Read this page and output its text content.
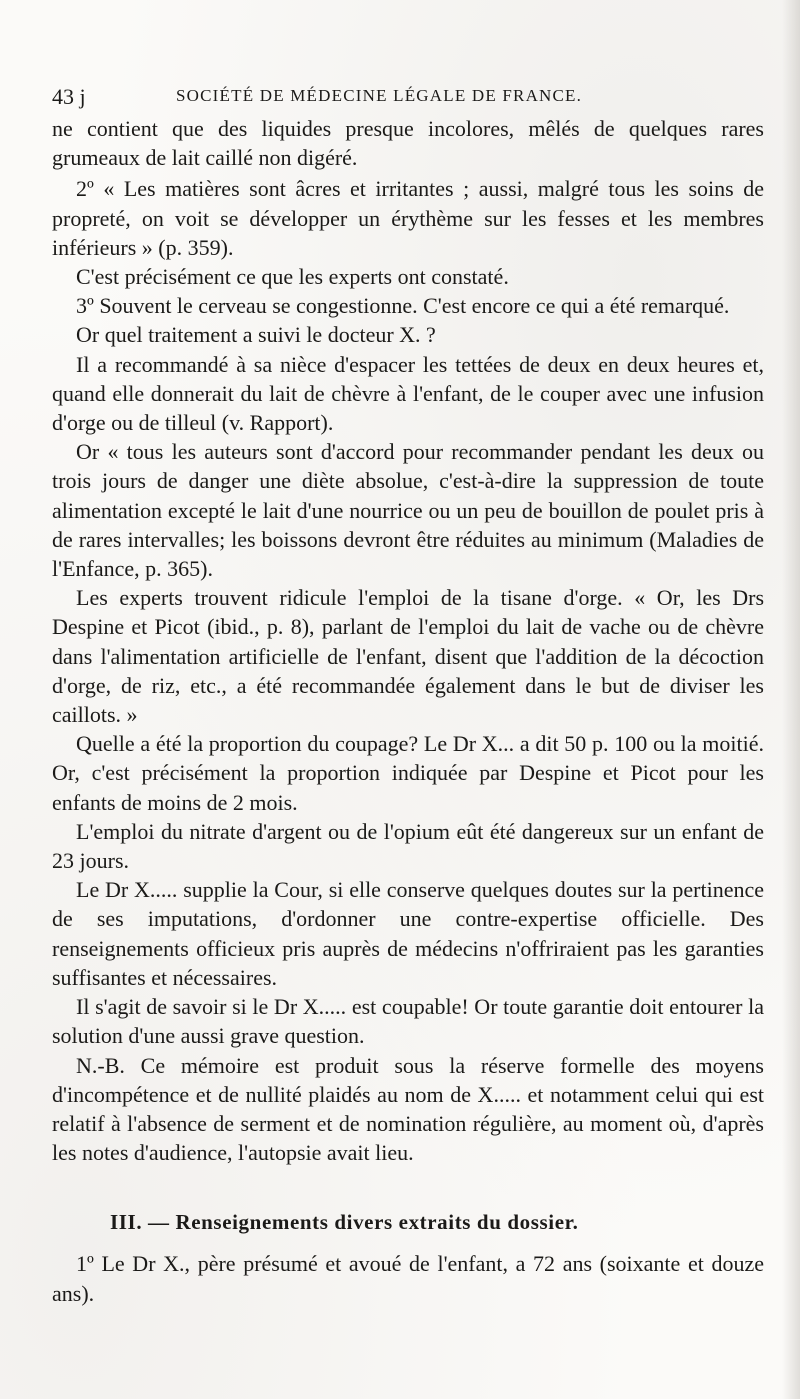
43 j	SOCIÉTÉ DE MÉDECINE LÉGALE DE FRANCE.

ne contient que des liquides presque incolores, mêlés de quelques rares grumeaux de lait caillé non digéré.

2º « Les matières sont âcres et irritantes ; aussi, malgré tous les soins de propreté, on voit se développer un érythème sur les fesses et les membres inférieurs » (p. 359).

C'est précisément ce que les experts ont constaté.

3º Souvent le cerveau se congestionne. C'est encore ce qui a été remarqué.

Or quel traitement a suivi le docteur X. ?

Il a recommandé à sa nièce d'espacer les tettées de deux en deux heures et, quand elle donnerait du lait de chèvre à l'enfant, de le couper avec une infusion d'orge ou de tilleul (v. Rapport).

Or « tous les auteurs sont d'accord pour recommander pendant les deux ou trois jours de danger une diète absolue, c'est-à-dire la suppression de toute alimentation excepté le lait d'une nourrice ou un peu de bouillon de poulet pris à de rares intervalles; les boissons devront être réduites au minimum (Maladies de l'Enfance, p. 365).

Les experts trouvent ridicule l'emploi de la tisane d'orge. « Or, les Drs Despine et Picot (ibid., p. 8), parlant de l'emploi du lait de vache ou de chèvre dans l'alimentation artificielle de l'enfant, disent que l'addition de la décoction d'orge, de riz, etc., a été recommandée également dans le but de diviser les caillots. »

Quelle a été la proportion du coupage? Le Dr X... a dit 50 p. 100 ou la moitié. Or, c'est précisément la proportion indiquée par Despine et Picot pour les enfants de moins de 2 mois.

L'emploi du nitrate d'argent ou de l'opium eût été dangereux sur un enfant de 23 jours.

Le Dr X..... supplie la Cour, si elle conserve quelques doutes sur la pertinence de ses imputations, d'ordonner une contre-expertise officielle. Des renseignements officieux pris auprès de médecins n'offriraient pas les garanties suffisantes et nécessaires.

Il s'agit de savoir si le Dr X..... est coupable! Or toute garantie doit entourer la solution d'une aussi grave question.

N.-B. Ce mémoire est produit sous la réserve formelle des moyens d'incompétence et de nullité plaidés au nom de X..... et notamment celui qui est relatif à l'absence de serment et de nomination régulière, au moment où, d'après les notes d'audience, l'autopsie avait lieu.

III. — Renseignements divers extraits du dossier.

1º Le Dr X., père présumé et avoué de l'enfant, a 72 ans (soixante et douze ans).
